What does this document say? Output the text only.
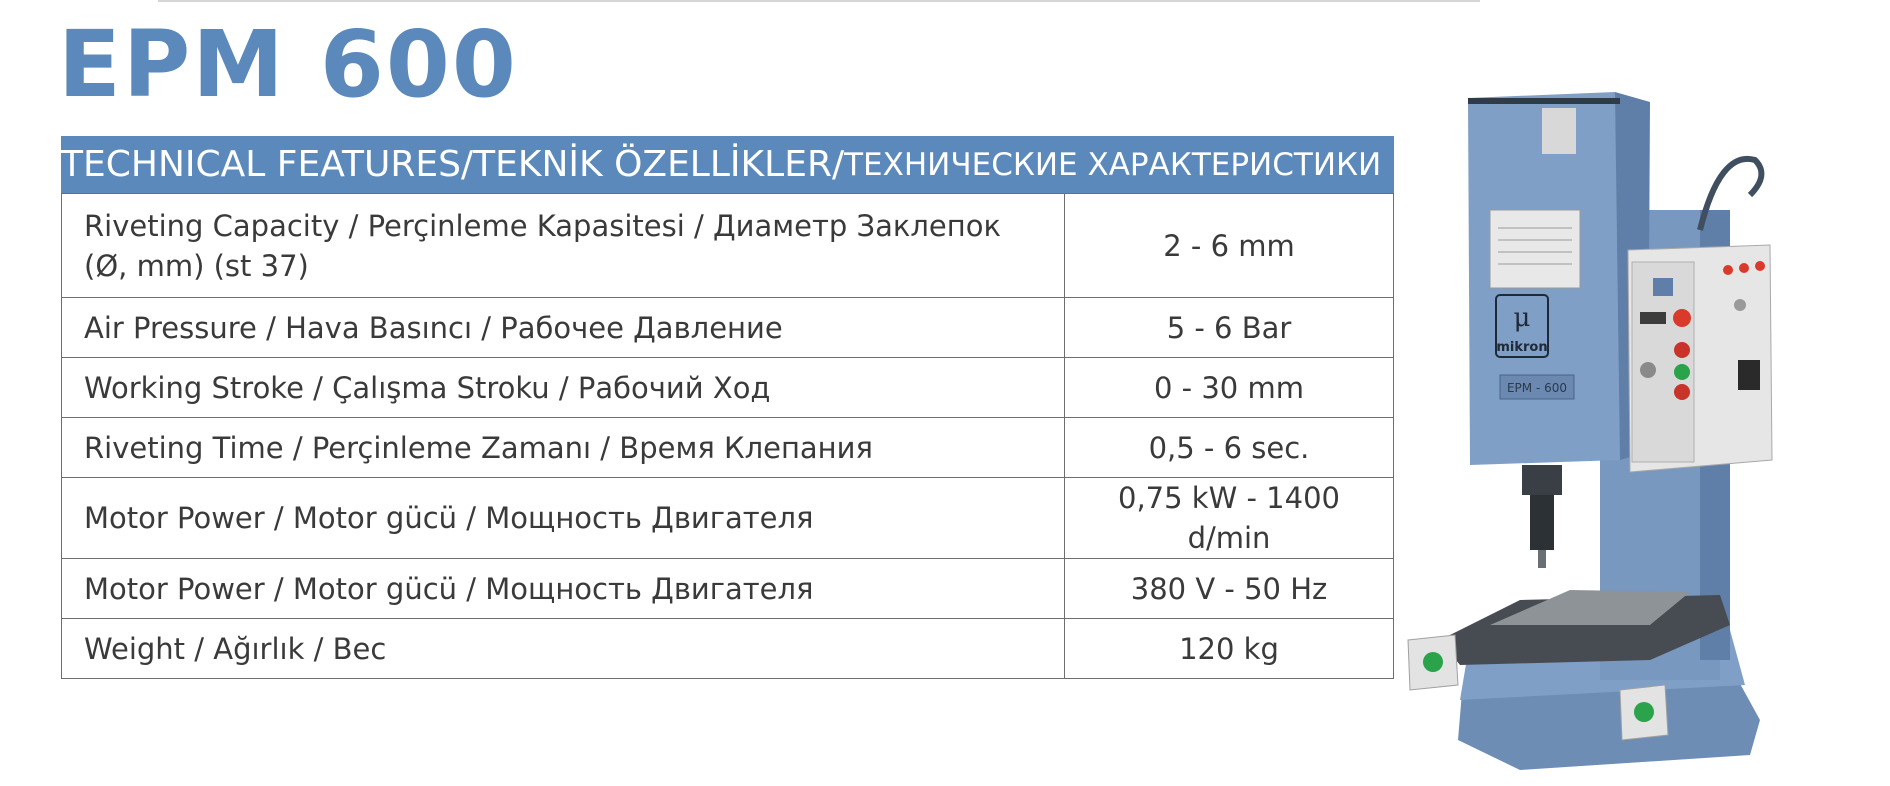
EPM 600
TECHNICAL FEATURES/ TEKNİK ÖZELLİKLER/ ТЕХНИЧЕСКИЕ ХАРАКТЕРИСТИКИ
Riveting Capacity / Perçinleme Kapasitesi / Диаметр Заклепок (Ø, mm) (st 37)	2 - 6 mm
Air Pressure / Hava Basıncı / Рабочее Давление	5 - 6 Bar
Working Stroke / Çalışma Stroku / Рабочий Ход	0 - 30 mm
Riveting Time / Perçinleme Zamanı / Время Клепания	0,5 - 6 sec.
Motor Power / Motor gücü / Мощность Двигателя	0,75 kW - 1400 d/min
Motor Power / Motor gücü / Мощность Двигателя	380 V - 50 Hz
Weight / Ağırlık / Вес	120 kg
μ
mikron
EPM - 600
